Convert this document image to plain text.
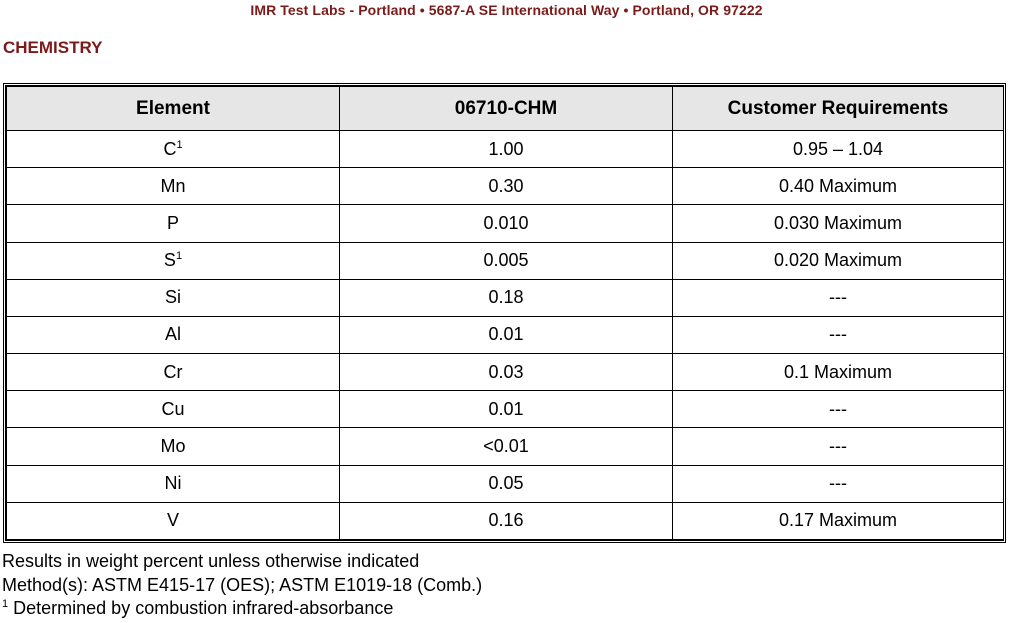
IMR Test Labs - Portland • 5687-A SE International Way • Portland, OR 97222
CHEMISTRY
Element	06710-CHM	Customer Requirements
$C^1$	1.00	0.95 – 1.04
Mn	0.30	0.40 Maximum
P	0.010	0.030 Maximum
$S^1$	0.005	0.020 Maximum
Si	0.18	---
Al	0.01	---
Cr	0.03	0.1 Maximum
Cu	0.01	---
Mo	<0.01	---
Ni	0.05	---
V	0.16	0.17 Maximum
Results in weight percent unless otherwise indicated
Method(s): ASTM E415-17 (OES); ASTM E1019-18 (Comb.)
$^1$ Determined by combustion infrared-absorbance
